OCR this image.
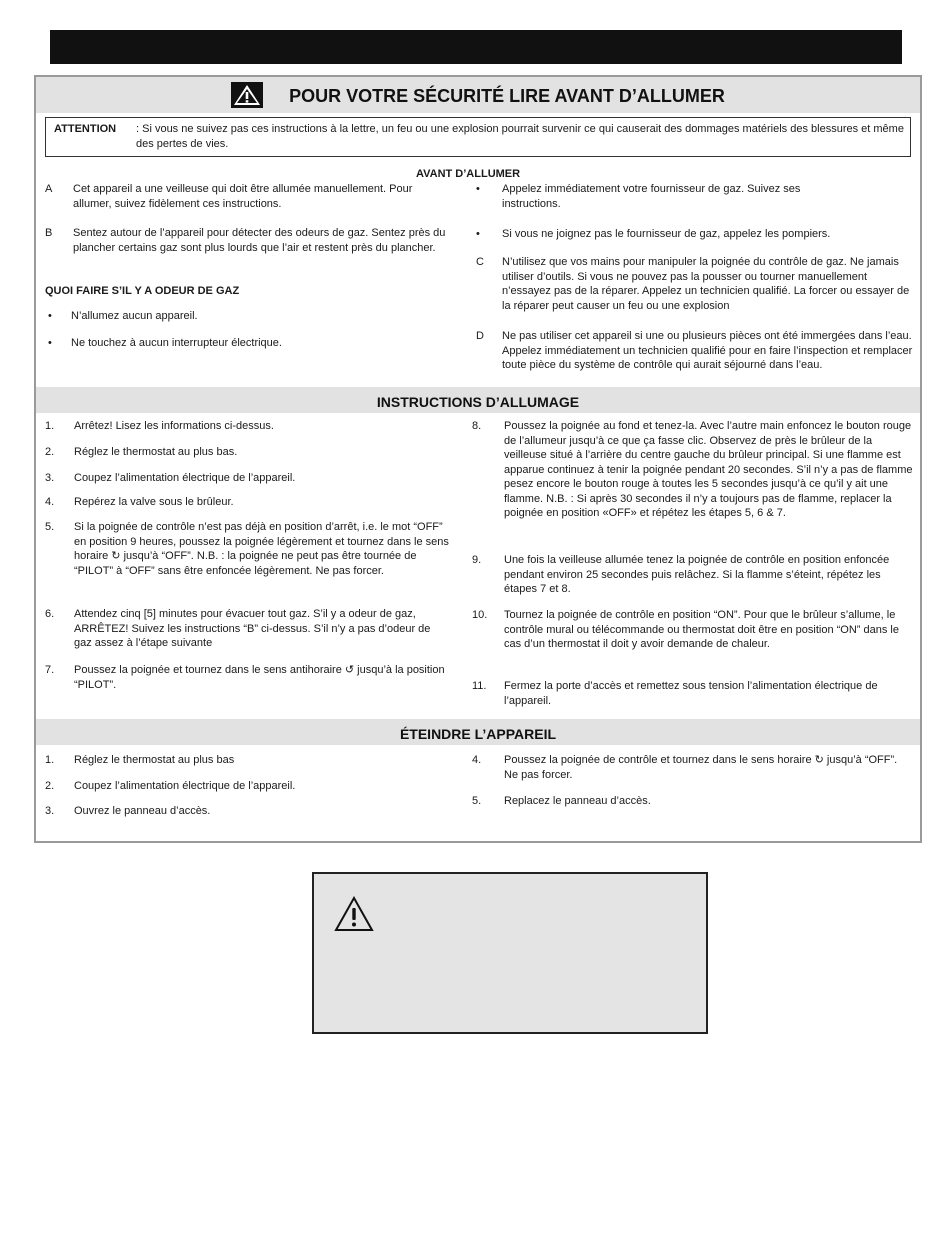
POUR VOTRE SÉCURITÉ LIRE AVANT D’ALLUMER
ATTENTION : Si vous ne suivez pas ces instructions à la lettre, un feu ou une explosion pourrait survenir ce qui causerait des dommages matériels des blessures et même des pertes de vies.
AVANT D’ALLUMER
A Cet appareil a une veilleuse qui doit être allumée manuellement. Pour allumer, suivez fidèlement ces instructions.
B Sentez autour de l’appareil pour détecter des odeurs de gaz. Sentez près du plancher certains gaz sont plus lourds que l’air et restent près du plancher.
QUOI FAIRE S’IL Y A ODEUR DE GAZ
• N’allumez aucun appareil.
• Ne touchez à aucun interrupteur électrique.
• Appelez immédiatement votre fournisseur de gaz. Suivez ses instructions.
• Si vous ne joignez pas le fournisseur de gaz, appelez les pompiers.
C N’utilisez que vos mains pour manipuler la poignée du contrôle de gaz. Ne jamais utiliser d’outils. Si vous ne pouvez pas la pousser ou tourner manuellement n’essayez pas de la réparer. Appelez un technicien qualifié. La forcer ou essayer de la réparer peut causer un feu ou une explosion
D Ne pas utiliser cet appareil si une ou plusieurs pièces ont été immergées dans l’eau. Appelez immédiatement un technicien qualifié pour en faire l’inspection et remplacer toute pièce du système de contrôle qui aurait séjourné dans l’eau.
INSTRUCTIONS D’ALLUMAGE
1. Arrêtez! Lisez les informations ci-dessus.
2. Réglez le thermostat au plus bas.
3. Coupez l’alimentation électrique de l’appareil.
4. Repérez la valve sous le brûleur.
5. Si la poignée de contrôle n’est pas déjà en position d’arrêt, i.e. le mot “OFF” en position 9 heures, poussez la poignée légèrement et tournez dans le sens horaire ↻ jusqu’à “OFF”. N.B. : la poignée ne peut pas être tournée de “PILOT” à “OFF” sans être enfoncée légèrement. Ne pas forcer.
6. Attendez cinq [5] minutes pour évacuer tout gaz. S’il y a odeur de gaz, ARRÊTEZ! Suivez les instructions “B” ci-dessus. S’il n’y a pas d’odeur de gaz assez à l’étape suivante
7. Poussez la poignée et tournez dans le sens antihoraire ↺ jusqu’à la position “PILOT”.
8. Poussez la poignée au fond et tenez-la. Avec l’autre main enfoncez le bouton rouge de l’allumeur jusqu’à ce que ça fasse clic. Observez de près le brûleur de la veilleuse situé à l’arrière du centre gauche du brûleur principal. Si une flamme est apparue continuez à tenir la poignée pendant 20 secondes. S’il n’y a pas de flamme pesez encore le bouton rouge à toutes les 5 secondes jusqu’à ce qu’il y ait une flamme. N.B. : Si après 30 secondes il n’y a toujours pas de flamme, replacer la poignée en position «OFF» et répétez les étapes 5, 6 & 7.
9. Une fois la veilleuse allumée tenez la poignée de contrôle en position enfoncée pendant environ 25 secondes puis relâchez. Si la flamme s’éteint, répétez les étapes 7 et 8.
10. Tournez la poignée de contrôle en position “ON”. Pour que le brûleur s’allume, le contrôle mural ou télécommande ou thermostat doit être en position “ON” dans le cas d’un thermostat il doit y avoir demande de chaleur.
11. Fermez la porte d’accès et remettez sous tension l’alimentation électrique de l’appareil.
ÉTEINDRE L’APPAREIL
1. Réglez le thermostat au plus bas
2. Coupez l’alimentation électrique de l’appareil.
3. Ouvrez le panneau d’accès.
4. Poussez la poignée de contrôle et tournez dans le sens horaire ↻ jusqu’à “OFF”. Ne pas forcer.
5. Replacez le panneau d’accès.
